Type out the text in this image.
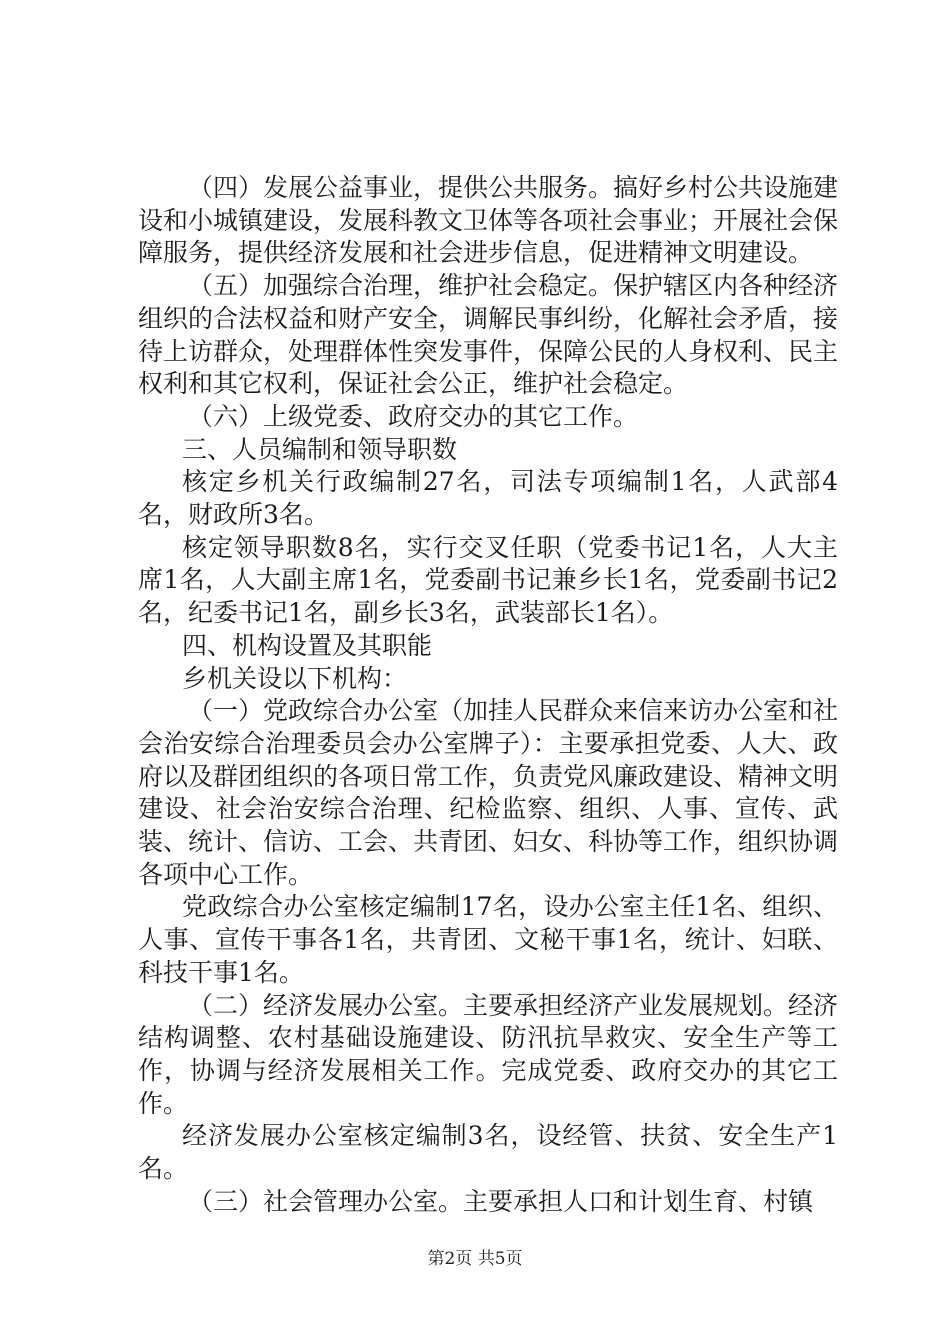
（四）发展公益事业，提供公共服务。搞好乡村公共设施建设和小城镇建设，发展科教文卫体等各项社会事业；开展社会保障服务，提供经济发展和社会进步信息，促进精神文明建设。

（五）加强综合治理，维护社会稳定。保护辖区内各种经济组织的合法权益和财产安全，调解民事纠纷，化解社会矛盾，接待上访群众，处理群体性突发事件，保障公民的人身权利、民主权利和其它权利，保证社会公正，维护社会稳定。

（六）上级党委、政府交办的其它工作。

三、人员编制和领导职数

核定乡机关行政编制27名，司法专项编制1名，人武部4名，财政所3名。

核定领导职数8名，实行交叉任职（党委书记1名，人大主席1名，人大副主席1名，党委副书记兼乡长1名，党委副书记2名，纪委书记1名，副乡长3名，武装部长1名）。

四、机构设置及其职能

乡机关设以下机构：

（一）党政综合办公室（加挂人民群众来信来访办公室和社会治安综合治理委员会办公室牌子）：主要承担党委、人大、政府以及群团组织的各项日常工作，负责党风廉政建设、精神文明建设、社会治安综合治理、纪检监察、组织、人事、宣传、武装、统计、信访、工会、共青团、妇女、科协等工作，组织协调各项中心工作。

党政综合办公室核定编制17名，设办公室主任1名、组织、人事、宣传干事各1名，共青团、文秘干事1名，统计、妇联、科技干事1名。

（二）经济发展办公室。主要承担经济产业发展规划。经济结构调整、农村基础设施建设、防汛抗旱救灾、安全生产等工作，协调与经济发展相关工作。完成党委、政府交办的其它工作。

经济发展办公室核定编制3名，设经管、扶贫、安全生产1名。

（三）社会管理办公室。主要承担人口和计划生育、村镇

第2页 共5页
